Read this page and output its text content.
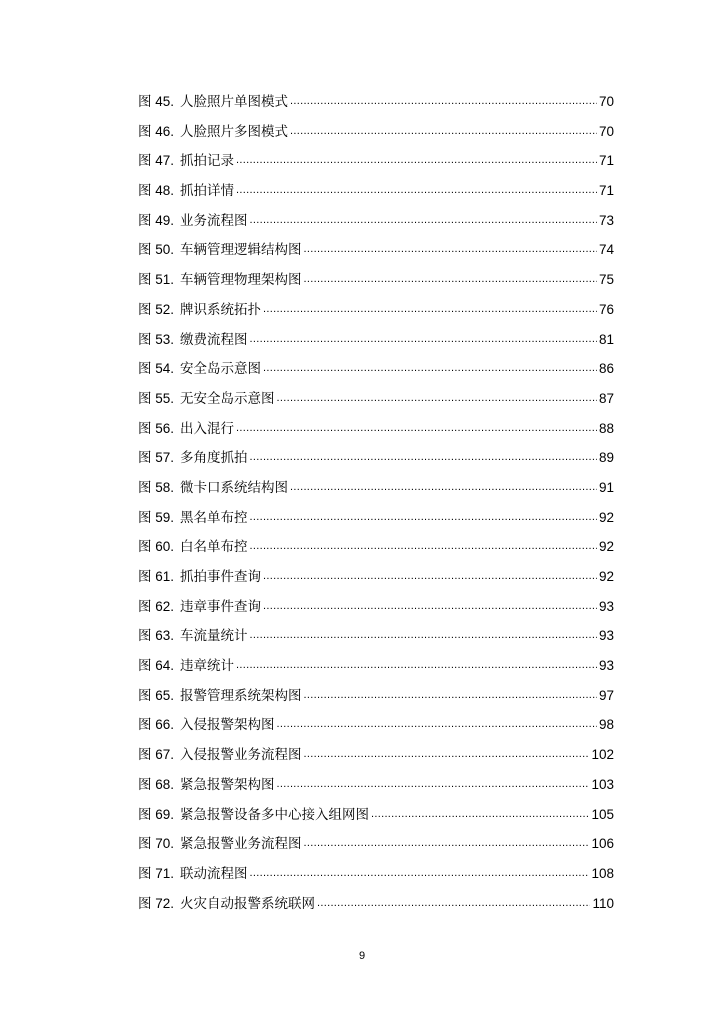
图 45. 人脸照片单图模式 .....	70
图 46. 人脸照片多图模式 .....	70
图 47. 抓拍记录 .....	71
图 48. 抓拍详情 .....	71
图 49. 业务流程图 .....	73
图 50. 车辆管理逻辑结构图 .....	74
图 51. 车辆管理物理架构图 .....	75
图 52. 牌识系统拓扑 .....	76
图 53. 缴费流程图 .....	81
图 54. 安全岛示意图 .....	86
图 55. 无安全岛示意图 .....	87
图 56. 出入混行 .....	88
图 57. 多角度抓拍 .....	89
图 58. 微卡口系统结构图 .....	91
图 59. 黑名单布控 .....	92
图 60. 白名单布控 .....	92
图 61. 抓拍事件查询 .....	92
图 62. 违章事件查询 .....	93
图 63. 车流量统计 .....	93
图 64. 违章统计 .....	93
图 65. 报警管理系统架构图 .....	97
图 66. 入侵报警架构图 .....	98
图 67. 入侵报警业务流程图 .....	102
图 68. 紧急报警架构图 .....	103
图 69. 紧急报警设备多中心接入组网图 .....	105
图 70. 紧急报警业务流程图 .....	106
图 71. 联动流程图 .....	108
图 72. 火灾自动报警系统联网 .....	110
9
